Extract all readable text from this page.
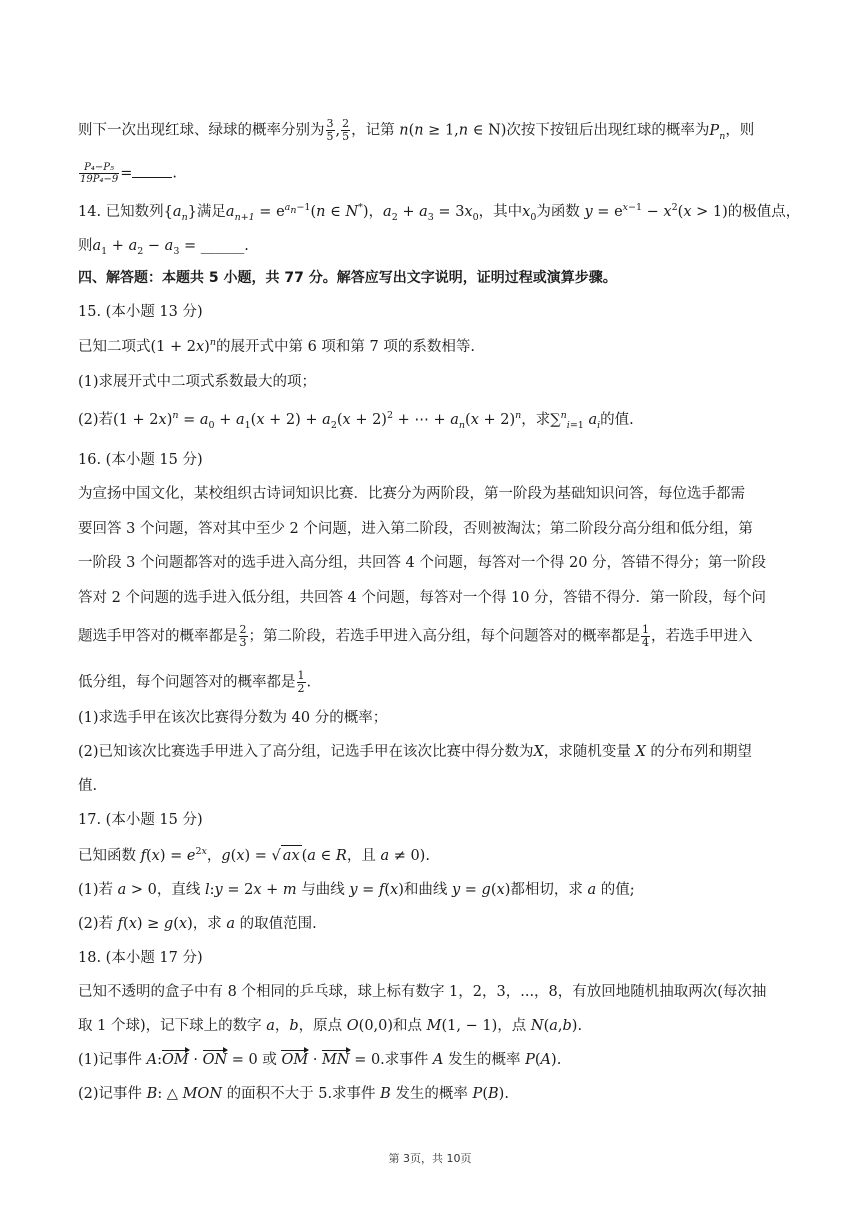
则下一次出现红球、绿球的概率分别为 $\frac{3}{5}$ , $\frac{2}{5}$ ，记第 n(n ≥ 1,n ∈ N)次按下按钮后出现红球的概率为$P_n$，则
$\frac{\text{P₄−P₅}}{\text{19P₄−9}}$ =	.
14. 已知数列$\{a_n\}$满足$a_{n+1} = e^{a_n-1}(n$ ∈ N*)，$a_2 + a_3 = 3x_0$，其中$x_0$为函数 $y = e^{x-1} - x^2(x > 1)$的极值点，
则$a_1 + a_2 - a_3$ = ______.
四、解答题：本题共 5 小题，共 77 分。解答应写出文字说明，证明过程或演算步骤。
15. (本小题 13 分)
已知二项式$(1 + 2x)^n$的展开式中第 6 项和第 7 项的系数相等.
(1)求展开式中二项式系数最大的项；
(2)若$(1 + 2x)^n = a_0 + a_1(x + 2) + a_2(x + 2)^2$ + ⋯ + $a_n(x + 2)^n$，求∑$^n_{i=1}$ $a_i$的值.
16. (本小题 15 分)
为宣扬中国文化，某校组织古诗词知识比赛．比赛分为两阶段，第一阶段为基础知识问答，每位选手都需
要回答 3 个问题，答对其中至少 2 个问题，进入第二阶段，否则被淘汰；第二阶段分高分组和低分组，第
一阶段 3 个问题都答对的选手进入高分组，共回答 4 个问题，每答对一个得 20 分，答错不得分；第一阶段
答对 2 个问题的选手进入低分组，共回答 4 个问题，每答对一个得 10 分，答错不得分．第一阶段，每个问
题选手甲答对的概率都是 $\frac{2}{3}$ ；第二阶段，若选手甲进入高分组，每个问题答对的概率都是 $\frac{1}{4}$ ，若选手甲进入
低分组，每个问题答对的概率都是 $\frac{1}{2}$ .
(1)求选手甲在该次比赛得分数为 40 分的概率；
(2)已知该次比赛选手甲进入了高分组，记选手甲在该次比赛中得分数为X，求随机变量 X 的分布列和期望
值.
17. (本小题 15 分)
已知函数 $f(x) = e^{2x}$，g(x) = √ ax (a ∈ R，且 a ≠ 0).
(1)若 a > 0，直线 l:y = 2x + m 与曲线 y = f(x)和曲线 y = g(x)都相切，求 a 的值;
(2)若 f(x) ≥ g(x)，求 a 的取值范围.
18. (本小题 17 分)
已知不透明的盒子中有 8 个相同的乒乓球，球上标有数字 1，2，3，...，8，有放回地随机抽取两次(每次抽
取 1 个球)，记下球上的数字 a，b，原点 O(0,0)和点 M(1, − 1)，点 N(a,b).
(1)记事件 A:OM · ON = 0 或 OM · MN = 0.求事件 A 发生的概率 P(A).
(2)记事件 B: △ MON 的面积不大于 5.求事件 B 发生的概率 P(B).
第 3页，共 10页
